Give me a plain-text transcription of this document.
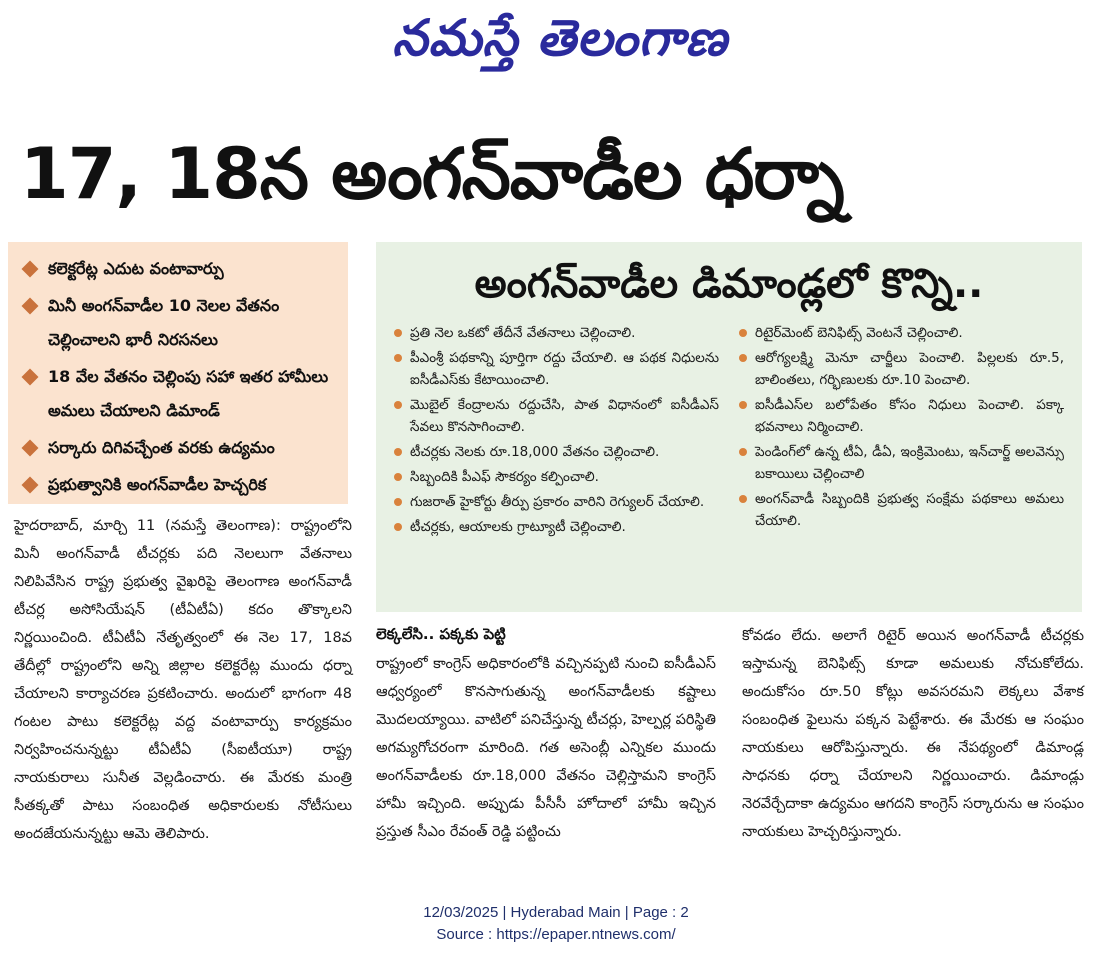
నమస్తే తెలంగాణ
17, 18న అంగన్‌వాడీల ధర్నా
కలెక్టరేట్ల ఎదుట వంటావార్పు
మినీ అంగన్‌వాడీల 10 నెలల వేతనం చెల్లించాలని భారీ నిరసనలు
18 వేల వేతనం చెల్లింపు సహా ఇతర హామీలు అమలు చేయాలని డిమాండ్
సర్కారు దిగివచ్చేంత వరకు ఉద్యమం
ప్రభుత్వానికి అంగన్‌వాడీల హెచ్చరిక
అంగన్‌వాడీల డిమాండ్లలో కొన్ని..
ప్రతి నెల ఒకటో తేదీనే వేతనాలు చెల్లించాలి.
పీఎంశ్రీ పథకాన్ని పూర్తిగా రద్దు చేయాలి. ఆ పథక నిధులను ఐసీడీఎస్‌కు కేటాయించాలి.
మొబైల్ కేంద్రాలను రద్దుచేసి, పాత విధానంలో ఐసీడీఎస్ సేవలు కొనసాగించాలి.
టీచర్లకు నెలకు రూ.18,000 వేతనం చెల్లించాలి.
సిబ్బందికి పీఎఫ్ సౌకర్యం కల్పించాలి.
గుజరాత్ హైకోర్టు తీర్పు ప్రకారం వారిని రెగ్యులర్ చేయాలి.
టీచర్లకు, ఆయాలకు గ్రాట్యూటీ చెల్లించాలి.
రిటైర్‌మెంట్ బెనిఫిట్స్ వెంటనే చెల్లించాలి.
ఆరోగ్యలక్ష్మి మెనూ చార్జీలు పెంచాలి. పిల్లలకు రూ.5, బాలింతలు, గర్భిణులకు రూ.10 పెంచాలి.
ఐసీడీఎస్‌ల బలోపేతం కోసం నిధులు పెంచాలి. పక్కా భవనాలు నిర్మించాలి.
పెండింగ్‌లో ఉన్న టీఏ, డీఏ, ఇంక్రిమెంటు, ఇన్‌చార్జ్ అలవెన్సు బకాయిలు చెల్లించాలి
అంగన్‌వాడీ సిబ్బందికి ప్రభుత్వ సంక్షేమ పథకాలు అమలు చేయాలి.

హైదరాబాద్, మార్చి 11 (నమస్తే తెలంగాణ): రాష్ట్రంలోని మినీ అంగన్‌వాడీ టీచర్లకు పది నెలలుగా వేతనాలు నిలిపివేసిన రాష్ట్ర ప్రభుత్వ వైఖరిపై తెలంగాణ అంగన్‌వాడీ టీచర్ల అసోసియేషన్ (టీఏటీఏ) కదం తొక్కాలని నిర్ణయించింది. టీఏటీఏ నేతృత్వంలో ఈ నెల 17, 18వ తేదీల్లో రాష్ట్రంలోని అన్ని జిల్లాల కలెక్టరేట్ల ముందు ధర్నా చేయాలని కార్యాచరణ ప్రకటించారు. అందులో భాగంగా 48 గంటల పాటు కలెక్టరేట్ల వద్ద వంటావార్పు కార్యక్రమం నిర్వహించనున్నట్టు టీఏటీఏ (సీఐటీయూ) రాష్ట్ర నాయకురాలు సునీత వెల్లడించారు. ఈ మేరకు మంత్రి సీతక్కతో పాటు సంబంధిత అధికారులకు నోటీసులు అందజేయనున్నట్టు ఆమె తెలిపారు.

లెక్కలేసి.. పక్కకు పెట్టి

రాష్ట్రంలో కాంగ్రెస్ అధికారంలోకి వచ్చినప్పటి నుంచి ఐసీడీఎస్ ఆధ్వర్యంలో కొనసాగుతున్న అంగన్‌వాడీలకు కష్టాలు మొదలయ్యాయి. వాటిలో పనిచేస్తున్న టీచర్లు, హెల్పర్ల పరిస్థితి అగమ్యగోచరంగా మారింది. గత అసెంబ్లీ ఎన్నికల ముందు అంగన్‌వాడీలకు రూ.18,000 వేతనం చెల్లిస్తామని కాంగ్రెస్ హామీ ఇచ్చింది. అప్పుడు పీసీసీ హోదాలో హామీ ఇచ్చిన ప్రస్తుత సీఎం రేవంత్ రెడ్డి పట్టించు

కోవడం లేదు. అలాగే రిటైర్ అయిన అంగన్‌వాడీ టీచర్లకు ఇస్తామన్న బెనిఫిట్స్ కూడా అమలుకు నోచుకోలేదు. అందుకోసం రూ.50 కోట్లు అవసరమని లెక్కలు వేశాక సంబంధిత ఫైలును పక్కన పెట్టేశారు. ఈ మేరకు ఆ సంఘం నాయకులు ఆరోపిస్తున్నారు. ఈ నేపథ్యంలో డిమాండ్ల సాధనకు ధర్నా చేయాలని నిర్ణయించారు. డిమాండ్లు నెరవేర్చేదాకా ఉద్యమం ఆగదని కాంగ్రెస్ సర్కారును ఆ సంఘం నాయకులు హెచ్చరిస్తున్నారు.

12/03/2025 | Hyderabad Main | Page : 2
Source : https://epaper.ntnews.com/
